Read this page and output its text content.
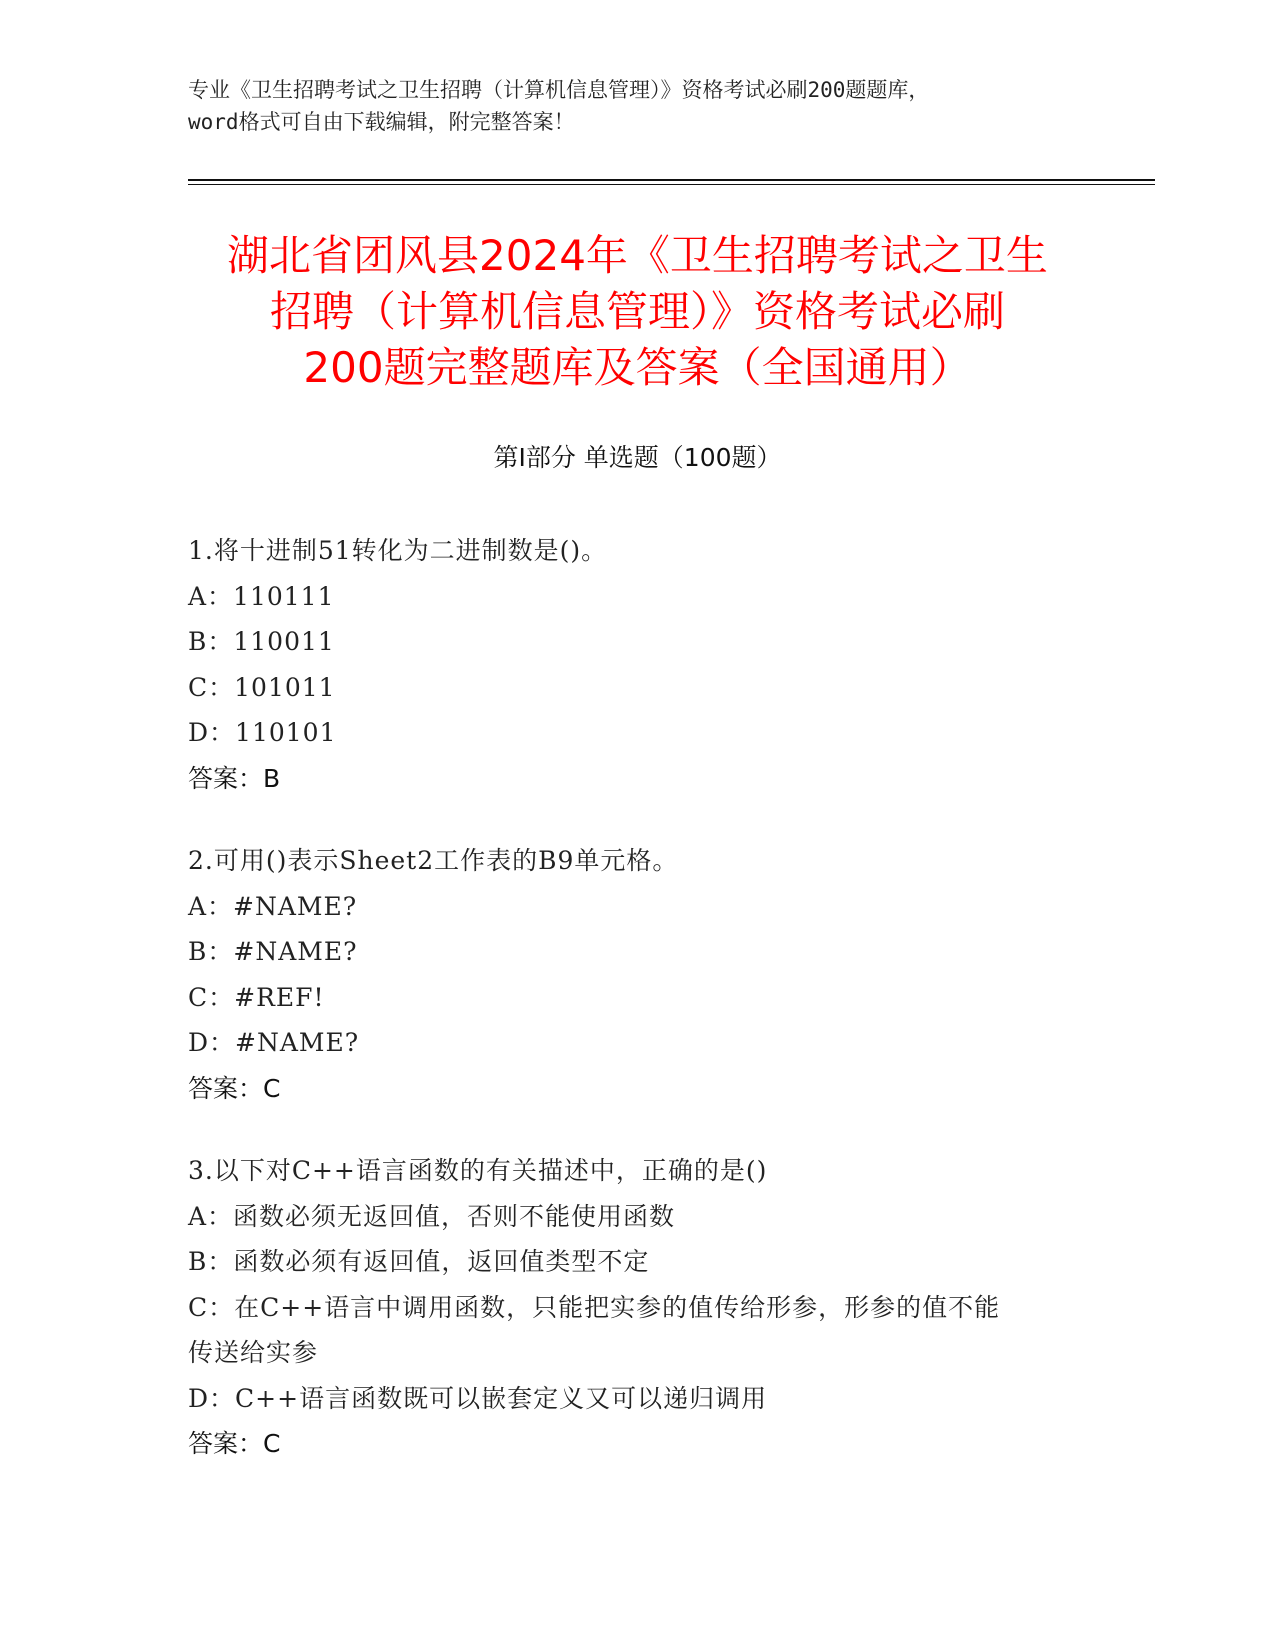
专业《卫生招聘考试之卫生招聘（计算机信息管理）》资格考试必刷200题题库，
word格式可自由下载编辑，附完整答案！
湖北省团风县2024年《卫生招聘考试之卫生
招聘（计算机信息管理）》资格考试必刷
200题完整题库及答案（全国通用）
第Ⅰ部分 单选题（100题）
1.将十进制51转化为二进制数是()。
A：110111
B：110011
C：101011
D：110101
答案：B
2.可用()表示Sheet2工作表的B9单元格。
A：#NAME?
B：#NAME?
C：#REF!
D：#NAME?
答案：C
3.以下对C++语言函数的有关描述中，正确的是()
A：函数必须无返回值，否则不能使用函数
B：函数必须有返回值，返回值类型不定
C：在C++语言中调用函数，只能把实参的值传给形参，形参的值不能
传送给实参
D：C++语言函数既可以嵌套定义又可以递归调用
答案：C
